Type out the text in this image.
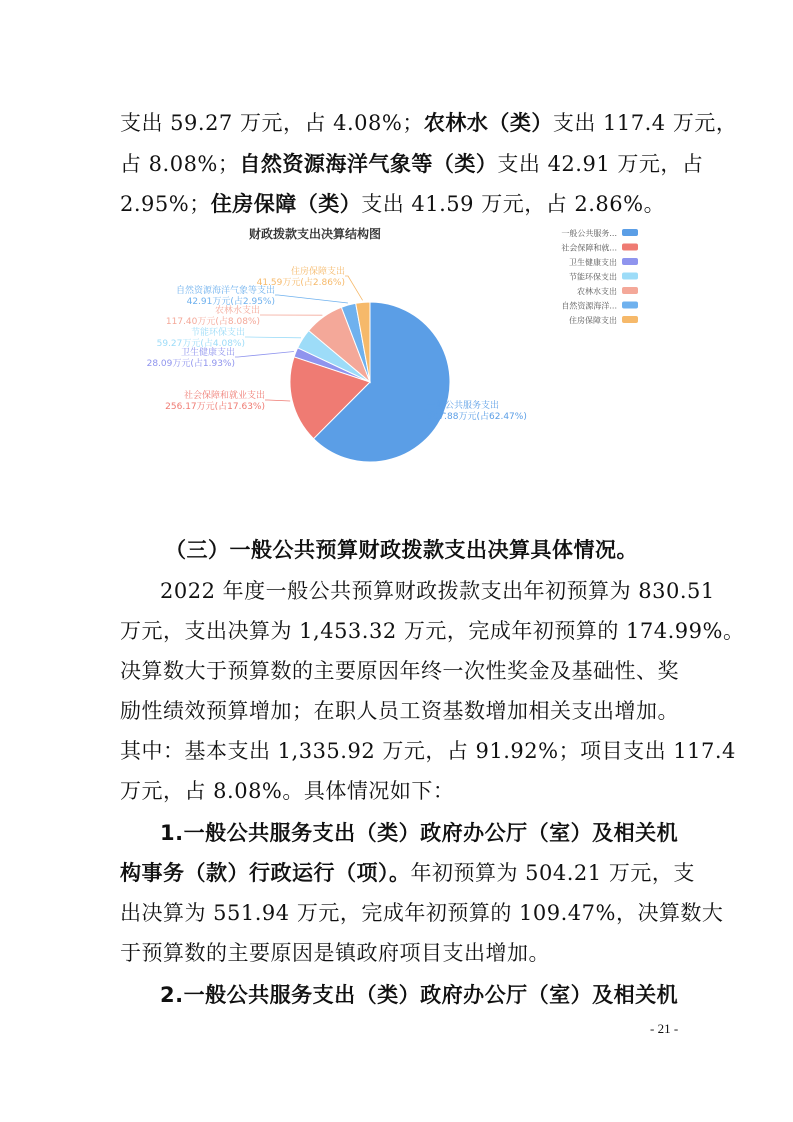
支出 59.27 万元，占 4.08%；农林水（类）支出 117.4 万元，
占 8.08%；自然资源海洋气象等（类）支出 42.91 万元，占
2.95%；住房保障（类）支出 41.59 万元，占 2.86%。
财政拨款支出决算结构图
一般公共服务支出
907.88万元(占62.47%)
社会保障和就业支出
256.17万元(占17.63%)
卫生健康支出
28.09万元(占1.93%)
节能环保支出
59.27万元(占4.08%)
农林水支出
117.40万元(占8.08%)
自然资源海洋气象等支出
42.91万元(占2.95%)
住房保障支出
41.59万元(占2.86%)
一般公共服务...
社会保障和就...
卫生健康支出
节能环保支出
农林水支出
自然资源海洋...
住房保障支出
（三）一般公共预算财政拨款支出决算具体情况。
2022 年度一般公共预算财政拨款支出年初预算为 830.51
万元，支出决算为 1,453.32 万元，完成年初预算的 174.99%。
决算数大于预算数的主要原因年终一次性奖金及基础性、奖
励性绩效预算增加；在职人员工资基数增加相关支出增加。
其中：基本支出 1,335.92 万元，占 91.92%；项目支出 117.4
万元，占 8.08%。具体情况如下：
1.一般公共服务支出（类）政府办公厅（室）及相关机
构事务（款）行政运行（项）。年初预算为 504.21 万元，支
出决算为 551.94 万元，完成年初预算的 109.47%，决算数大
于预算数的主要原因是镇政府项目支出增加。
2.一般公共服务支出（类）政府办公厅（室）及相关机
- 21 -
